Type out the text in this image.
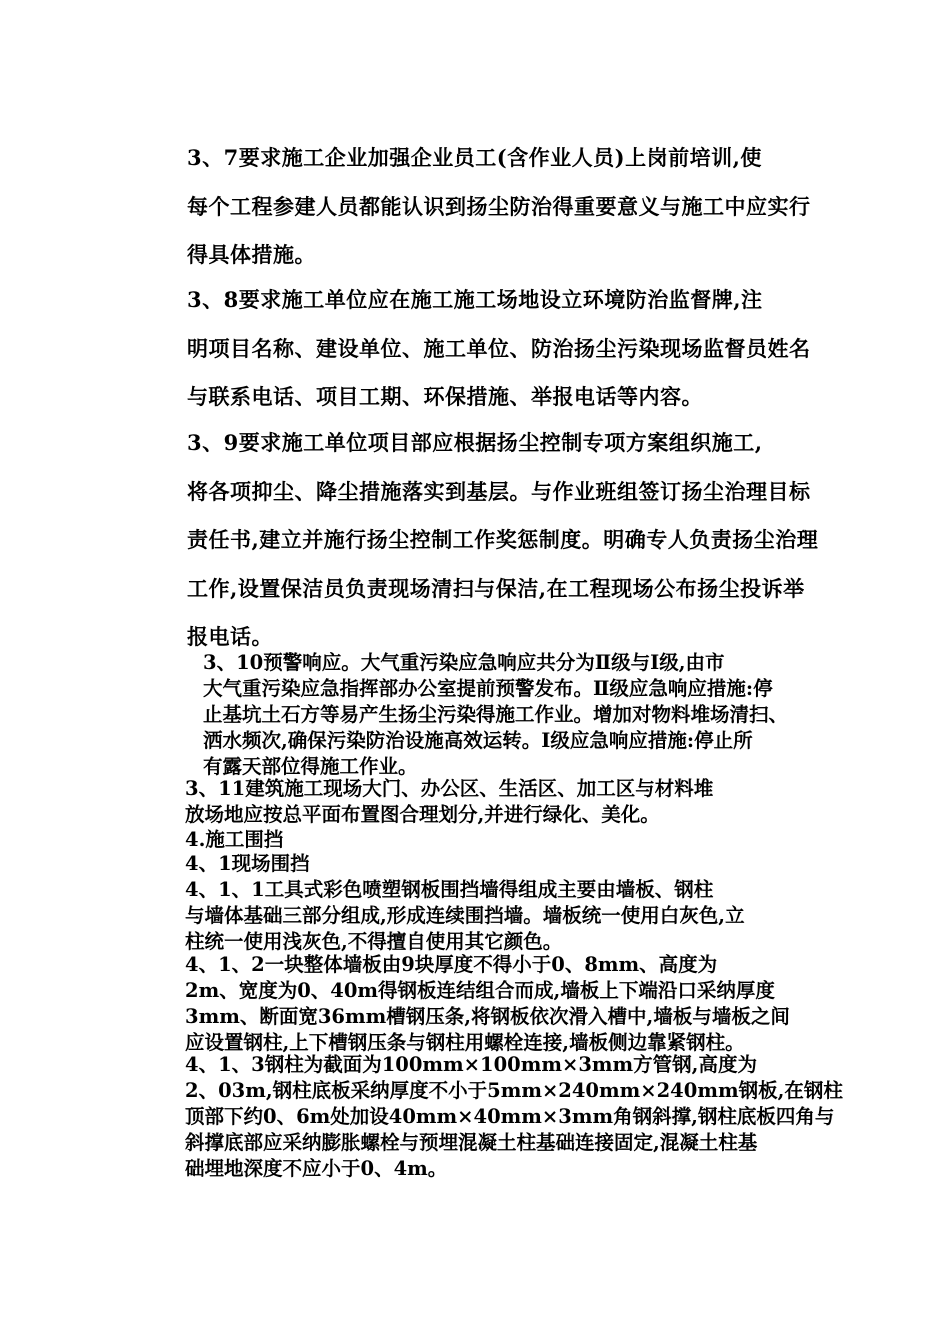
3、7要求施工企业加强企业员工(含作业人员)上岗前培训,使
每个工程参建人员都能认识到扬尘防治得重要意义与施工中应实行
得具体措施。

3、8要求施工单位应在施工施工场地设立环境防治监督牌,注
明项目名称、建设单位、施工单位、防治扬尘污染现场监督员姓名
与联系电话、项目工期、环保措施、举报电话等内容。

3、9要求施工单位项目部应根据扬尘控制专项方案组织施工,
将各项抑尘、降尘措施落实到基层。与作业班组签订扬尘治理目标
责任书,建立并施行扬尘控制工作奖惩制度。明确专人负责扬尘治理
工作,设置保洁员负责现场清扫与保洁,在工程现场公布扬尘投诉举
报电话。

3、10预警响应。大气重污染应急响应共分为Ⅱ级与Ⅰ级,由市
大气重污染应急指挥部办公室提前预警发布。Ⅱ级应急响应措施:停
止基坑土石方等易产生扬尘污染得施工作业。增加对物料堆场清扫、
洒水频次,确保污染防治设施高效运转。Ⅰ级应急响应措施:停止所
有露天部位得施工作业。

3、11建筑施工现场大门、办公区、生活区、加工区与材料堆
放场地应按总平面布置图合理划分,并进行绿化、美化。

4.施工围挡

4、1现场围挡

4、1、1工具式彩色喷塑钢板围挡墙得组成主要由墙板、钢柱
与墙体基础三部分组成,形成连续围挡墙。墙板统一使用白灰色,立
柱统一使用浅灰色,不得擅自使用其它颜色。

4、1、2一块整体墙板由9块厚度不得小于0、8mm、高度为
2m、宽度为0、40m得钢板连结组合而成,墙板上下端沿口采纳厚度
3mm、断面宽36mm槽钢压条,将钢板依次滑入槽中,墙板与墙板之间
应设置钢柱,上下槽钢压条与钢柱用螺栓连接,墙板侧边靠紧钢柱。

4、1、3钢柱为截面为100mm×100mm×3mm方管钢,高度为
2、03m,钢柱底板采纳厚度不小于5mm×240mm×240mm钢板,在钢柱
顶部下约0、6m处加设40mm×40mm×3mm角钢斜撑,钢柱底板四角与
斜撑底部应采纳膨胀螺栓与预埋混凝土柱基础连接固定,混凝土柱基
础埋地深度不应小于0、4m。
